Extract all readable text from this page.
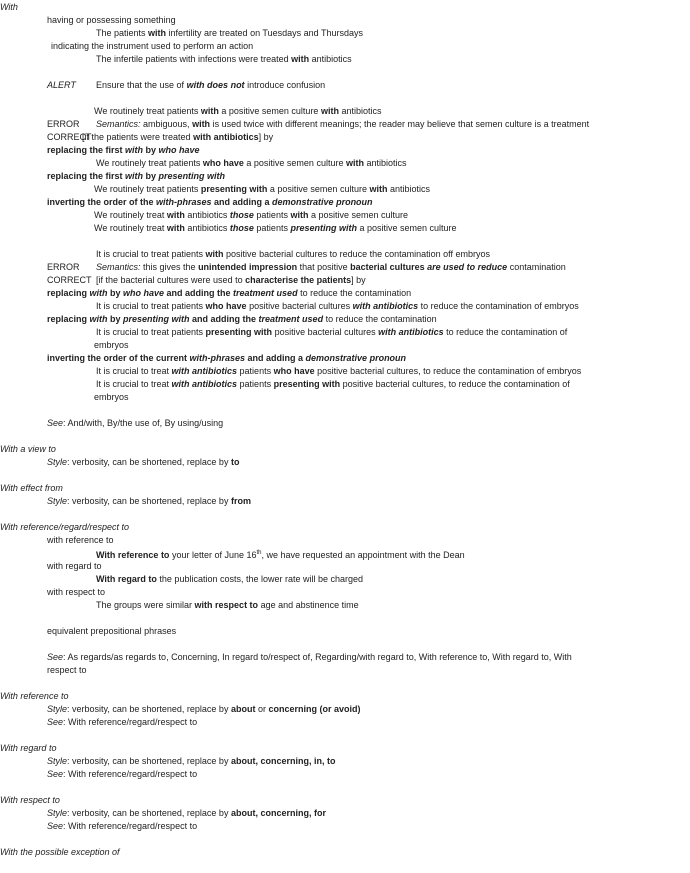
With
having or possessing something
The patients with infertility are treated on Tuesdays and Thursdays
indicating the instrument used to perform an action
The infertile patients with infections were treated with antibiotics
ALERT Ensure that the use of with does not introduce confusion
We routinely treat patients with a positive semen culture with antibiotics
ERROR Semantics: ambiguous, with is used twice with different meanings; the reader may believe that semen culture is a treatment
CORRECT[if the patients were treated with antibiotics] by
replacing the first with by who have
We routinely treat patients who have a positive semen culture with antibiotics
replacing the first with by presenting with
We routinely treat patients presenting with a positive semen culture with antibiotics
inverting the order of the with-phrases and adding a demonstrative pronoun
We routinely treat with antibiotics those patients with a positive semen culture
We routinely treat with antibiotics those patients presenting with a positive semen culture
It is crucial to treat patients with positive bacterial cultures to reduce the contamination off embryos
ERROR Semantics: this gives the unintended impression that positive bacterial cultures are used to reduce contamination
CORRECT [if the bacterial cultures were used to characterise the patients] by
replacing with by who have and adding the treatment used to reduce the contamination
It is crucial to treat patients who have positive bacterial cultures with antibiotics to reduce the contamination of embryos
replacing with by presenting with and adding the treatment used to reduce the contamination
It is crucial to treat patients presenting with positive bacterial cultures with antibiotics to reduce the contamination of
embryos
inverting the order of the current with-phrases and adding a demonstrative pronoun
It is crucial to treat with antibiotics patients who have positive bacterial cultures, to reduce the contamination of embryos
It is crucial to treat with antibiotics patients presenting with positive bacterial cultures, to reduce the contamination of
embryos
See: And/with, By/the use of, By using/using
With a view to
Style: verbosity, can be shortened, replace by to
With effect from
Style: verbosity, can be shortened, replace by from
With reference/regard/respect to
with reference to
With reference to your letter of June 16th, we have requested an appointment with the Dean
with regard to
With regard to the publication costs, the lower rate will be charged
with respect to
The groups were similar with respect to age and abstinence time
equivalent prepositional phrases
See: As regards/as regards to, Concerning, In regard to/respect of, Regarding/with regard to, With reference to, With regard to, With
respect to
With reference to
Style: verbosity, can be shortened, replace by about or concerning (or avoid)
See: With reference/regard/respect to
With regard to
Style: verbosity, can be shortened, replace by about, concerning, in, to
See: With reference/regard/respect to
With respect to
Style: verbosity, can be shortened, replace by about, concerning, for
See: With reference/regard/respect to
With the possible exception of
